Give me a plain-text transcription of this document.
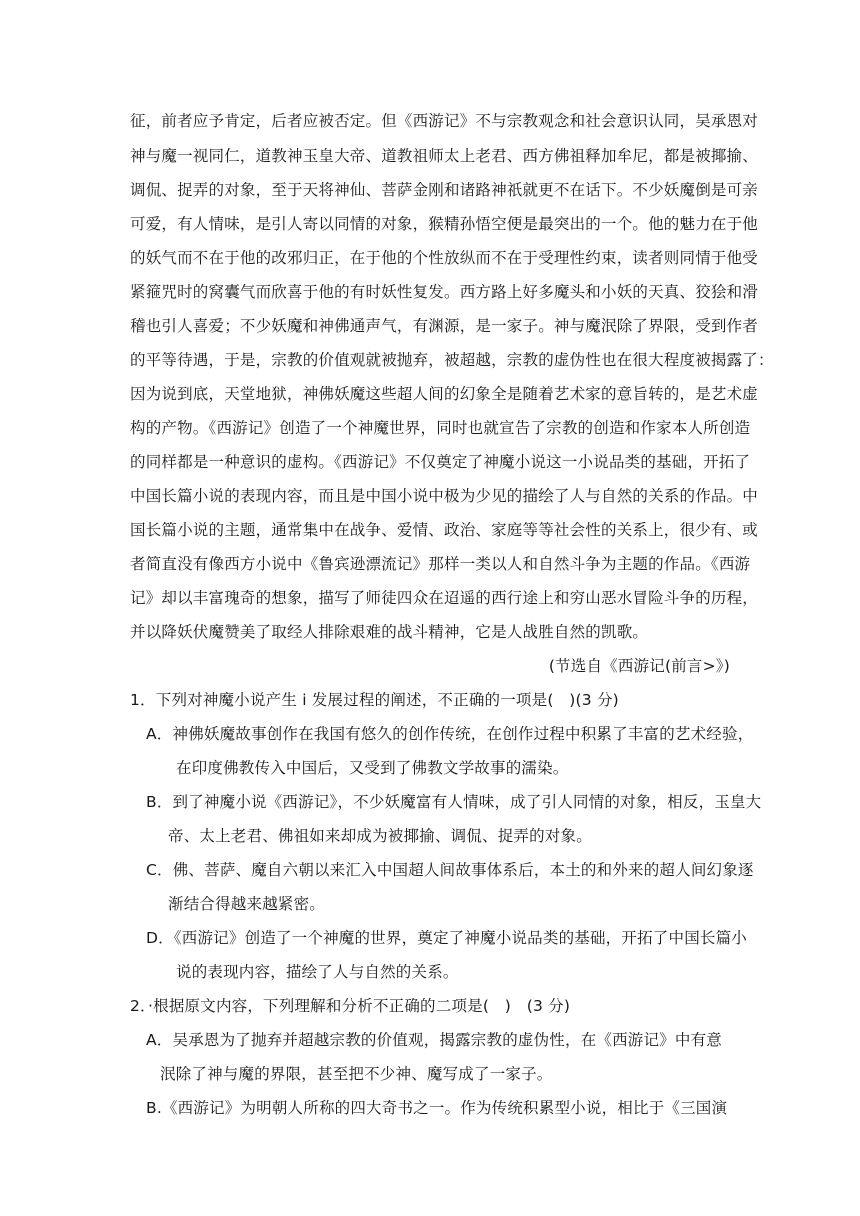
征，前者应予肯定，后者应被否定。但《西游记》不与宗教观念和社会意识认同，吴承恩对
神与魔一视同仁，道教神玉皇大帝、道教祖师太上老君、西方佛祖释加牟尼，都是被揶揄、
调侃、捉弄的对象，至于天将神仙、菩萨金刚和诸路神祇就更不在话下。不少妖魔倒是可亲
可爱，有人情味，是引人寄以同情的对象，猴精孙悟空便是最突出的一个。他的魅力在于他
的妖气而不在于他的改邪归正，在于他的个性放纵而不在于受理性约束，读者则同情于他受
紧箍咒时的窝囊气而欣喜于他的有时妖性复发。西方路上好多魔头和小妖的天真、狡狯和滑
稽也引人喜爱；不少妖魔和神佛通声气，有渊源，是一家子。神与魔泯除了界限，受到作者
的平等待遇，于是，宗教的价值观就被抛弃，被超越，宗教的虚伪性也在很大程度被揭露了：
因为说到底，天堂地狱，神佛妖魔这些超人间的幻象全是随着艺术家的意旨转的，是艺术虚
构的产物。《西游记》创造了一个神魔世界，同时也就宣告了宗教的创造和作家本人所创造
的同样都是一种意识的虚构。《西游记》不仅奠定了神魔小说这一小说品类的基础，开拓了
中国长篇小说的表现内容，而且是中国小说中极为少见的描绘了人与自然的关系的作品。中
国长篇小说的主题，通常集中在战争、爱情、政治、家庭等等社会性的关系上，很少有、或
者简直没有像西方小说中《鲁宾逊漂流记》那样一类以人和自然斗争为主题的作品。《西游
记》却以丰富瑰奇的想象，描写了师徒四众在迢遥的西行途上和穷山恶水冒险斗争的历程，
并以降妖伏魔赞美了取经人排除艰难的战斗精神，它是人战胜自然的凯歌。
(节选自《西游记(前言>》)
1．下列对神魔小说产生 i 发展过程的阐述，不正确的一项是(　)(3 分)
A．神佛妖魔故事创作在我国有悠久的创作传统，在创作过程中积累了丰富的艺术经验，
在印度佛教传入中国后，又受到了佛教文学故事的濡染。
B．到了神魔小说《西游记》，不少妖魔富有人情味，成了引人同情的对象，相反，玉皇大
帝、太上老君、佛祖如来却成为被揶揄、调侃、捉弄的对象。
C．佛、菩萨、魔自六朝以来汇入中国超人间故事体系后，本土的和外来的超人间幻象逐
渐结合得越来越紧密。
D．《西游记》创造了一个神魔的世界，奠定了神魔小说品类的基础，开拓了中国长篇小
说的表现内容，描绘了人与自然的关系。
2．·根据原文内容，下列理解和分析不正确的二项是(　)　(3 分)
A．吴承恩为了抛弃并超越宗教的价值观，揭露宗教的虚伪性，在《西游记》中有意
泯除了神与魔的界限，甚至把不少神、魔写成了一家子。
B.《西游记》为明朝人所称的四大奇书之一。作为传统积累型小说，相比于《三国演
